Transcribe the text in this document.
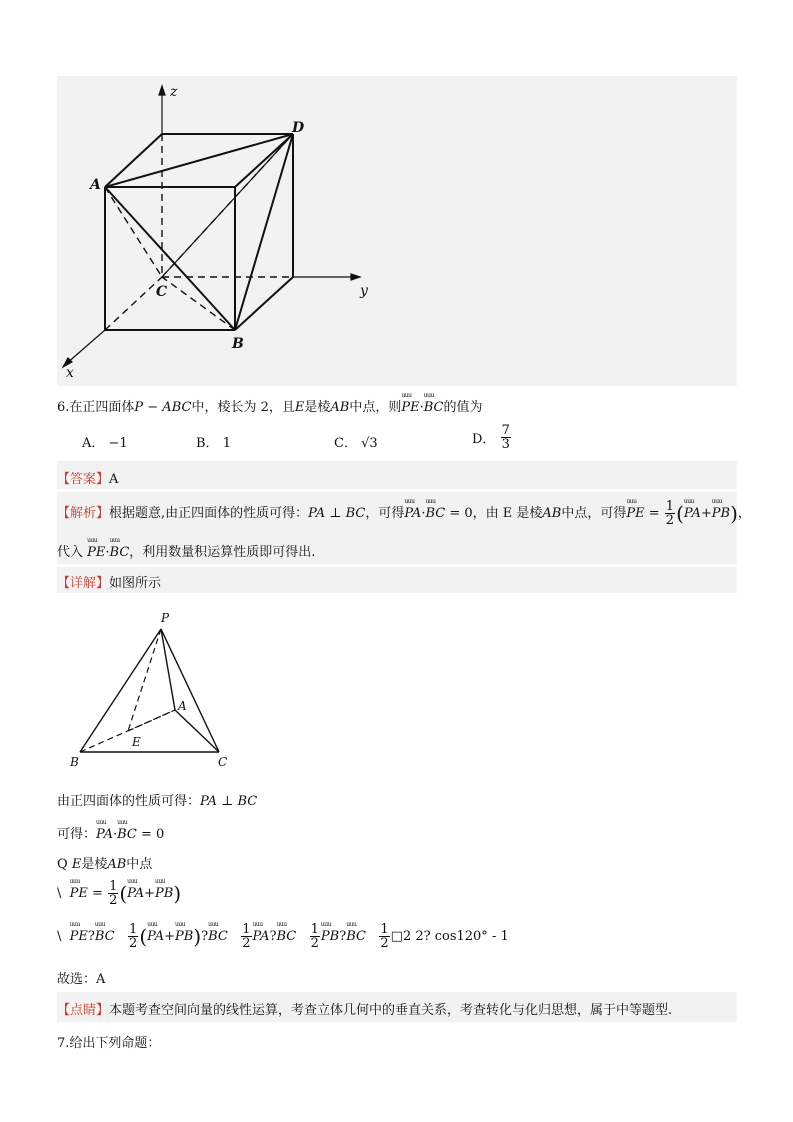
z
y
x
A
B
C
D
6.在正四面体P − ABC中，棱长为 2，且E是棱AB中点，则uuu PE·uuu BC的值为
A． −1	B． 1	C． √3	D． $\frac{7}{3}$
【答案】A
【解析】根据题意,由正四面体的性质可得：PA ⊥ BC，可得uuu PA·uuu BC = 0，由 E 是棱AB中点，可得uuu PE = $\frac{1}{2} (uuu$ PA+uuu PB)，
代入 uuu PE·uuu BC，利用数量积运算性质即可得出.
【详解】如图所示
P
A
E
B	C
由正四面体的性质可得：PA ⊥ BC
可得：uuu PA·uuu BC = 0
Q E是棱AB中点
\ uuu PE = $\frac{1}{2} (uuu$ PA+uuu PB)
\ uuu PE?uuu BC $\frac{1}{2} (uuu$ PA+uuu PB)?uuu BC $\frac{1}{2}$ uuu PA?uuu BC $\frac{1}{2}$ uuu PB?uuu BC $\frac{1}{2}$ □2 2? cos120° - 1
故选：A
【点睛】本题考查空间向量的线性运算，考查立体几何中的垂直关系，考查转化与化归思想，属于中等题型.
7.给出下列命题：
